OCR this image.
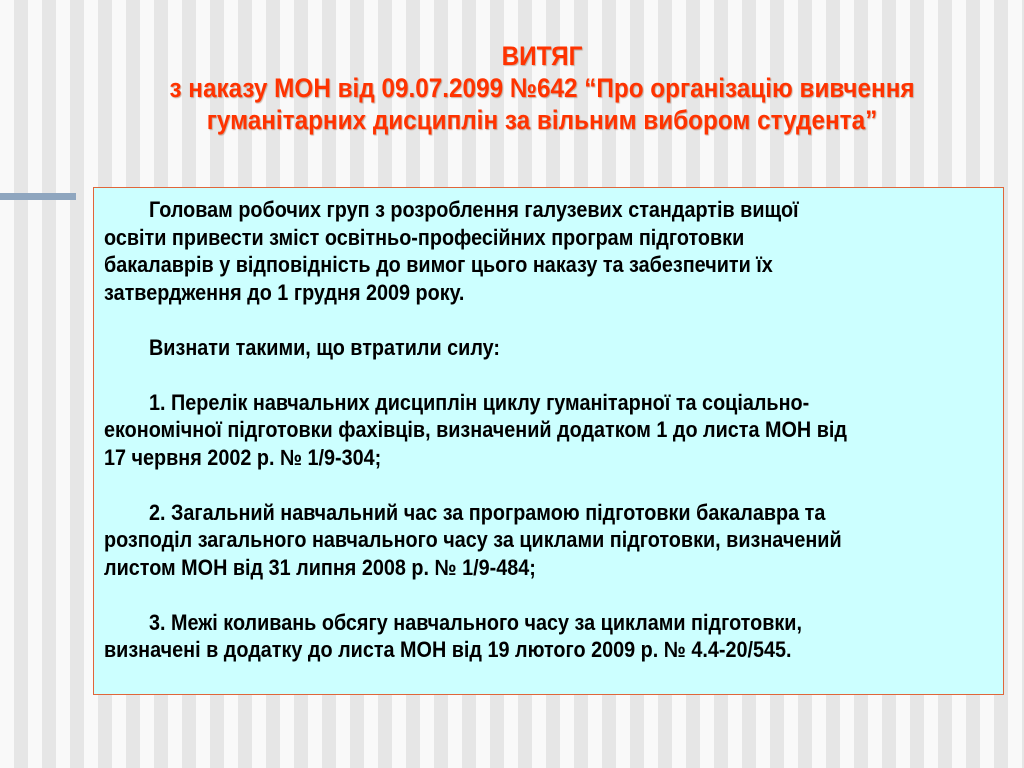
ВИТЯГ
з наказу МОН від 09.07.2099 №642 “Про організацію вивчення
гуманітарних дисциплін за вільним вибором студента”
Головам робочих груп з розроблення галузевих стандартів вищої
освіти привести зміст освітньо-професійних програм підготовки
бакалаврів у відповідність до вимог цього наказу та забезпечити їх
затвердження до 1 грудня 2009 року.
Визнати такими, що втратили силу:
1. Перелік навчальних дисциплін циклу гуманітарної та соціально-
економічної підготовки фахівців, визначений додатком 1 до листа МОН від
17 червня 2002 р. № 1/9-304;
2. Загальний навчальний час за програмою підготовки бакалавра та
розподіл загального навчального часу за циклами підготовки, визначений
листом МОН від 31 липня 2008 р. № 1/9-484;
3. Межі коливань обсягу навчального часу за циклами підготовки,
визначені в додатку до листа МОН від 19 лютого 2009 р. № 4.4-20/545.
